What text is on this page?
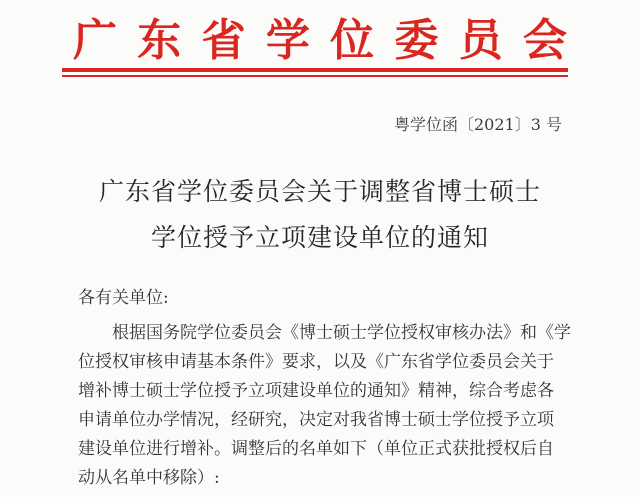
广 东 省 学 位 委 员 会
粤学位函〔2021〕3 号
广东省学位委员会关于调整省博士硕士
学位授予立项建设单位的通知
各有关单位:
　　根据国务院学位委员会《博士硕士学位授权审核办法》和《学
位授权审核申请基本条件》要求，以及《广东省学位委员会关于
增补博士硕士学位授予立项建设单位的通知》精神，综合考虑各
申请单位办学情况，经研究，决定对我省博士硕士学位授予立项
建设单位进行增补。调整后的名单如下（单位正式获批授权后自
动从名单中移除）:
